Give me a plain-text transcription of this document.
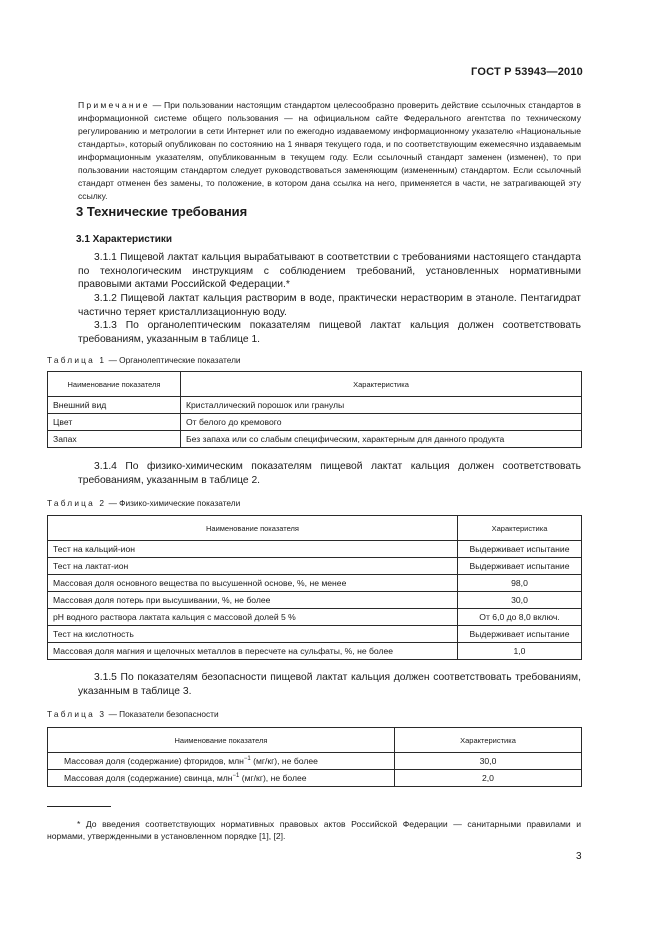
ГОСТ Р 53943—2010
Примечание — При пользовании настоящим стандартом целесообразно проверить действие ссылочных стандартов в информационной системе общего пользования — на официальном сайте Федерального агентства по техническому регулированию и метрологии в сети Интернет или по ежегодно издаваемому информационному указателю «Национальные стандарты», который опубликован по состоянию на 1 января текущего года, и по соответствующим ежемесячно издаваемым информационным указателям, опубликованным в текущем году. Если ссылочный стандарт заменен (изменен), то при пользовании настоящим стандартом следует руководствоваться заменяющим (измененным) стандартом. Если ссылочный стандарт отменен без замены, то положение, в котором дана ссылка на него, применяется в части, не затрагивающей эту ссылку.
3 Технические требования
3.1 Характеристики
3.1.1 Пищевой лактат кальция вырабатывают в соответствии с требованиями настоящего стандарта по технологическим инструкциям с соблюдением требований, установленных нормативными правовыми актами Российской Федерации.*
3.1.2 Пищевой лактат кальция растворим в воде, практически нерастворим в этаноле. Пентагидрат частично теряет кристаллизационную воду.
3.1.3 По органолептическим показателям пищевой лактат кальция должен соответствовать требованиям, указанным в таблице 1.
Таблица 1 — Органолептические показатели
Наименование показателя	Характеристика
Внешний вид	Кристаллический порошок или гранулы
Цвет	От белого до кремового
Запах	Без запаха или со слабым специфическим, характерным для данного продукта
3.1.4 По физико-химическим показателям пищевой лактат кальция должен соответствовать требованиям, указанным в таблице 2.
Таблица 2 — Физико-химические показатели
Наименование показателя	Характеристика
Тест на кальций-ион	Выдерживает испытание
Тест на лактат-ион	Выдерживает испытание
Массовая доля основного вещества по высушенной основе, %, не менее	98,0
Массовая доля потерь при высушивании, %, не более	30,0
pH водного раствора лактата кальция с массовой долей 5 %	От 6,0 до 8,0 включ.
Тест на кислотность	Выдерживает испытание
Массовая доля магния и щелочных металлов в пересчете на сульфаты, %, не более	1,0
3.1.5 По показателям безопасности пищевой лактат кальция должен соответствовать требованиям, указанным в таблице 3.
Таблица 3 — Показатели безопасности
Наименование показателя	Характеристика
Массовая доля (содержание) фторидов, млн$^{-1}$ (мг/кг), не более	30,0
Массовая доля (содержание) свинца, млн$^{-1}$ (мг/кг), не более	2,0
* До введения соответствующих нормативных правовых актов Российской Федерации — санитарными правилами и нормами, утвержденными в установленном порядке [1], [2].
3
